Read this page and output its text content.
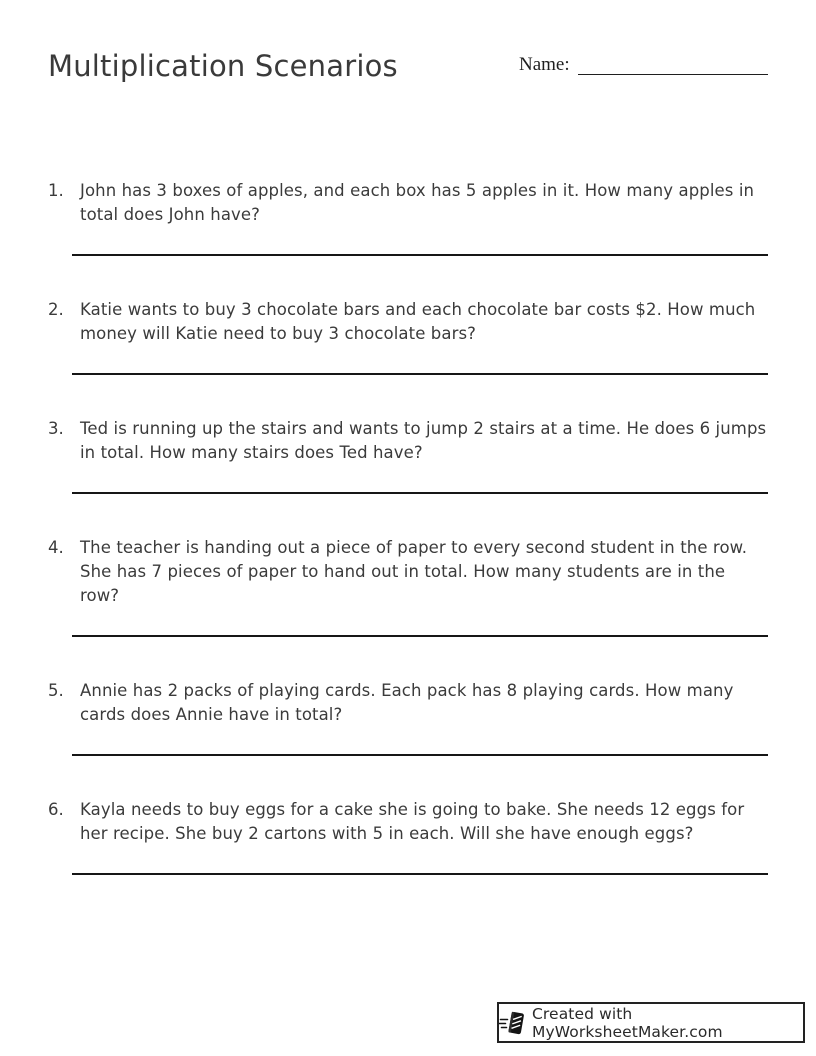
Multiplication Scenarios	Name:
1. John has 3 boxes of apples, and each box has 5 apples in it. How many apples in total does John have?

2. Katie wants to buy 3 chocolate bars and each chocolate bar costs $2. How much money will Katie need to buy 3 chocolate bars?

3. Ted is running up the stairs and wants to jump 2 stairs at a time. He does 6 jumps in total. How many stairs does Ted have?

4. The teacher is handing out a piece of paper to every second student in the row. She has 7 pieces of paper to hand out in total. How many students are in the row?

5. Annie has 2 packs of playing cards. Each pack has 8 playing cards. How many cards does Annie have in total?

6. Kayla needs to buy eggs for a cake she is going to bake. She needs 12 eggs for her recipe. She buy 2 cartons with 5 in each. Will she have enough eggs?

Created with MyWorksheetMaker.com
